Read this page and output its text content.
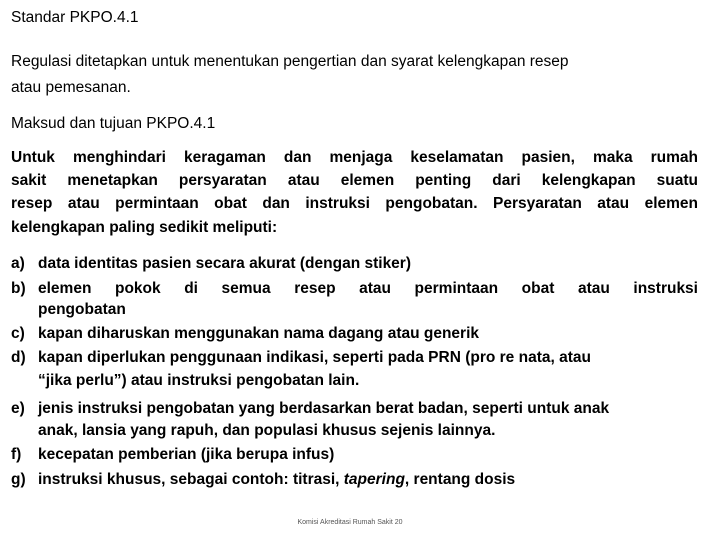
Standar PKPO.4.1
Regulasi ditetapkan untuk menentukan pengertian dan syarat kelengkapan resep
atau pemesanan.
Maksud dan tujuan PKPO.4.1
Untuk menghindari keragaman dan menjaga keselamatan pasien, maka rumah
sakit menetapkan persyaratan atau elemen penting dari kelengkapan suatu
resep atau permintaan obat dan instruksi pengobatan. Persyaratan atau elemen
kelengkapan paling sedikit meliputi:
a) data identitas pasien secara akurat (dengan stiker)
b) elemen pokok di semua resep atau permintaan obat atau instruksi
pengobatan
c) kapan diharuskan menggunakan nama dagang atau generik
d) kapan diperlukan penggunaan indikasi, seperti pada PRN (pro re nata, atau
“jika perlu”) atau instruksi pengobatan lain.
e) jenis instruksi pengobatan yang berdasarkan berat badan, seperti untuk anak
anak, lansia yang rapuh, dan populasi khusus sejenis lainnya.
f) kecepatan pemberian (jika berupa infus)
g) instruksi khusus, sebagai contoh: titrasi, tapering, rentang dosis
Komisi Akreditasi Rumah Sakit 20
